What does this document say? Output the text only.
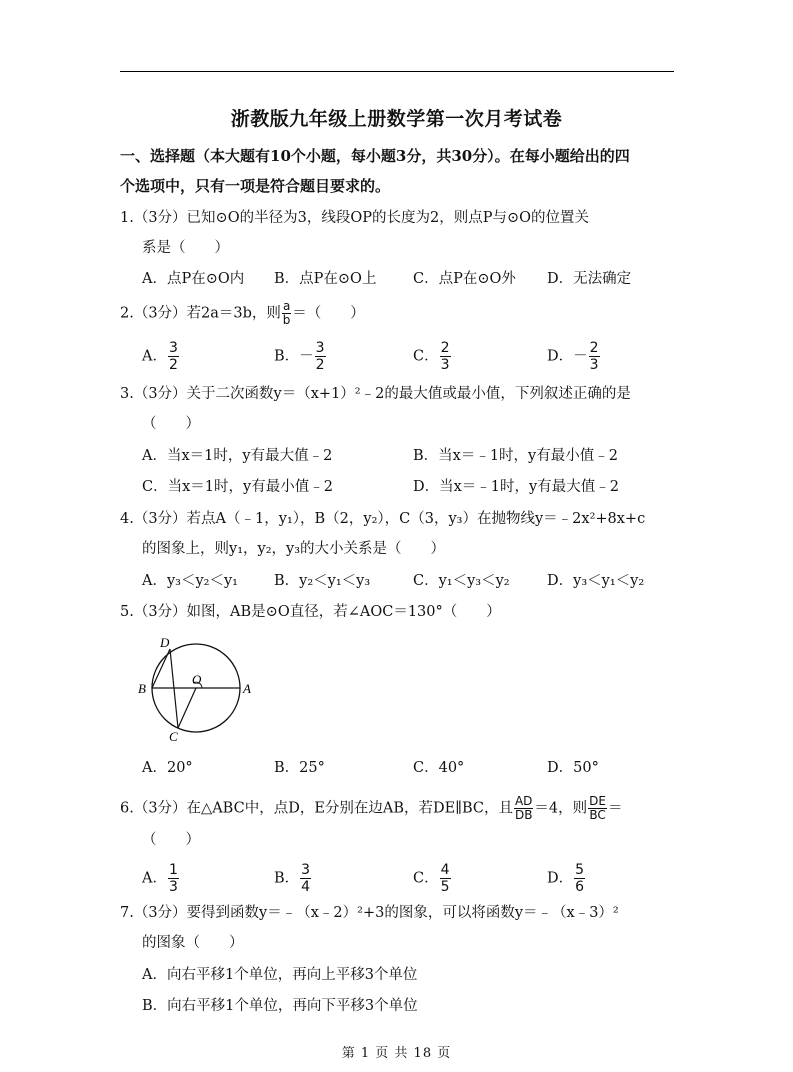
浙教版九年级上册数学第一次月考试卷
一、选择题（本大题有10个小题，每小题3分，共30分）。在每小题给出的四
个选项中，只有一项是符合题目要求的。
1.（3分）已知⊙O的半径为3，线段OP的长度为2，则点P与⊙O的位置关
系是（　　）
A．点P在⊙O内 B．点P在⊙O上	C．点P在⊙O外 D．无法确定
2.（3分）若2a＝3b，则 $\frac{a}{b}$ ＝（　　）
A． $\frac{3}{2}$	B．－ $\frac{3}{2}$	C． $\frac{2}{3}$	D．－ $\frac{2}{3}$
3.（3分）关于二次函数y＝（x+1）²﹣2的最大值或最小值，下列叙述正确的是
（　　）
A．当x＝1时，y有最大值﹣2	B．当x＝﹣1时，y有最小值﹣2
C．当x＝1时，y有最小值﹣2	D．当x＝﹣1时，y有最大值﹣2
4.（3分）若点A（﹣1，y₁），B（2，y₂），C（3，y₃）在抛物线y＝﹣2x²+8x+c
的图象上，则y₁，y₂，y₃的大小关系是（　　）
A．y₃＜y₂＜y₁ B．y₂＜y₁＜y₃	C．y₁＜y₃＜y₂	D．y₃＜y₁＜y₂
5.（3分）如图，AB是⊙O直径，若∠AOC＝130°（　　）
D
B
O
A
C
A．20°	B．25°	C．40°	D．50°
6.（3分）在△ABC中，点D，E分别在边AB，若DE∥BC，且 $\frac{AD}{DB} =4$，则 $\frac{DE}{BC}$ ＝
（　　）
A． $\frac{1}{3}$	B． $\frac{3}{4}$	C． $\frac{4}{5}$	D． $\frac{5}{6}$
7.（3分）要得到函数y＝﹣（x﹣2）²+3的图象，可以将函数y＝﹣（x﹣3）²
的图象（　　）
A．向右平移1个单位，再向上平移3个单位
B．向右平移1个单位，再向下平移3个单位
第 1 页 共 18 页
